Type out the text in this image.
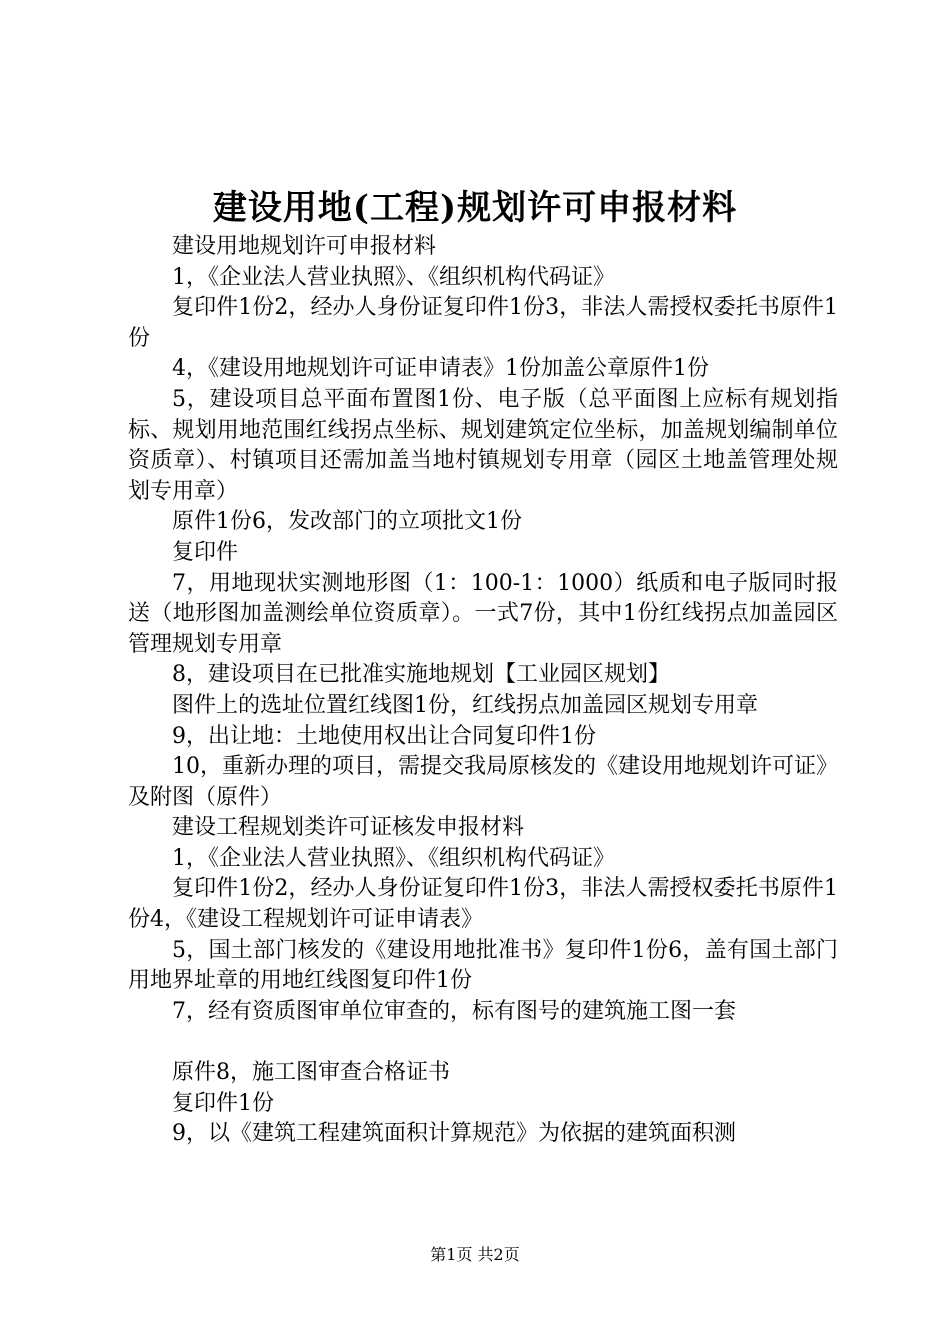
建设用地(工程)规划许可申报材料

建设用地规划许可申报材料

1，《企业法人营业执照》、《组织机构代码证》

复印件1份2，经办人身份证复印件1份3，非法人需授权委托书原件1份

4，《建设用地规划许可证申请表》1份加盖公章原件1份

5，建设项目总平面布置图1份、电子版（总平面图上应标有规划指标、规划用地范围红线拐点坐标、规划建筑定位坐标，加盖规划编制单位资质章）、村镇项目还需加盖当地村镇规划专用章（园区土地盖管理处规划专用章）

原件1份6，发改部门的立项批文1份

复印件

7，用地现状实测地形图（1：100-1：1000）纸质和电子版同时报送（地形图加盖测绘单位资质章）。一式7份，其中1份红线拐点加盖园区管理规划专用章

8，建设项目在已批准实施地规划【工业园区规划】

图件上的选址位置红线图1份，红线拐点加盖园区规划专用章

9，出让地：土地使用权出让合同复印件1份

10，重新办理的项目，需提交我局原核发的《建设用地规划许可证》及附图（原件）

建设工程规划类许可证核发申报材料

1，《企业法人营业执照》、《组织机构代码证》

复印件1份2，经办人身份证复印件1份3，非法人需授权委托书原件1份4，《建设工程规划许可证申请表》

5，国土部门核发的《建设用地批准书》复印件1份6，盖有国土部门用地界址章的用地红线图复印件1份

7，经有资质图审单位审查的，标有图号的建筑施工图一套

原件8，施工图审查合格证书

复印件1份

9，以《建筑工程建筑面积计算规范》为依据的建筑面积测

第1页 共2页
